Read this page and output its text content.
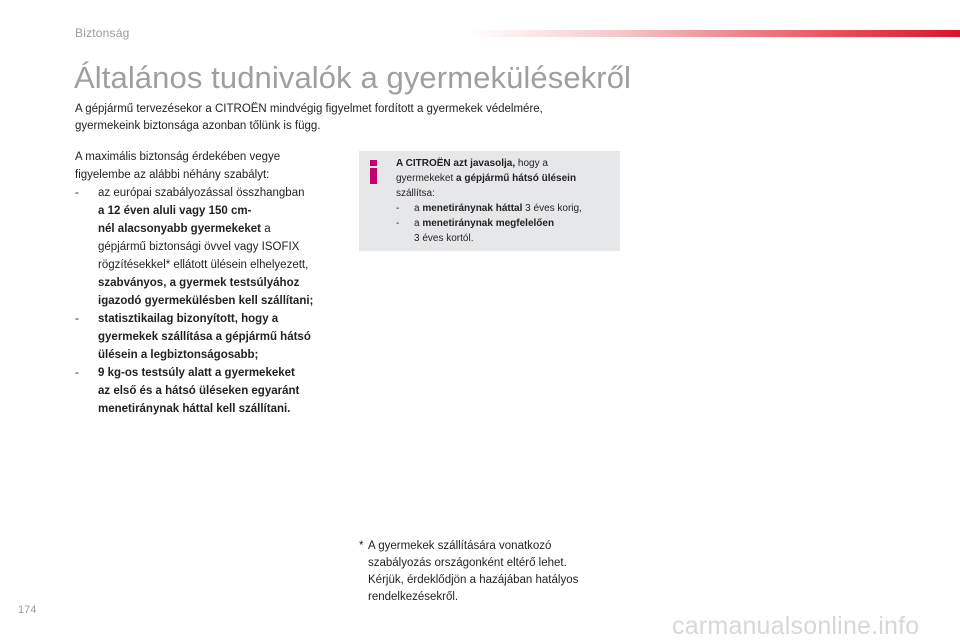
Biztonság
Általános tudnivalók a gyermekülésekről

A gépjármű tervezésekor a CITROËN mindvégig figyelmet fordított a gyermekek védelmére,
gyermekeink biztonsága azonban tőlünk is függ.

A maximális biztonság érdekében vegye
figyelembe az alábbi néhány szabályt:
- az európai szabályozással összhangban
a 12 éven aluli vagy 150 cm-
nél alacsonyabb gyermekeket a
gépjármű biztonsági övvel vagy ISOFIX
rögzítésekkel* ellátott ülésein elhelyezett,
szabványos, a gyermek testsúlyához
igazodó gyermekülésben kell szállítani;
- statisztikailag bizonyított, hogy a
gyermekek szállítása a gépjármű hátsó
ülésein a legbiztonságosabb;
- 9 kg-os testsúly alatt a gyermekeket
az első és a hátsó üléseken egyaránt
menetiránynak háttal kell szállítani.
A CITROËN azt javasolja, hogy a
gyermekeket a gépjármű hátsó ülésein
szállítsa:
- a menetiránynak háttal 3 éves korig,
- a menetiránynak megfelelően
3 éves kortól.
* A gyermekek szállítására vonatkozó
szabályozás országonként eltérő lehet.
Kérjük, érdeklődjön a hazájában hatályos
rendelkezésekről.
174
carmanualsonline.info
